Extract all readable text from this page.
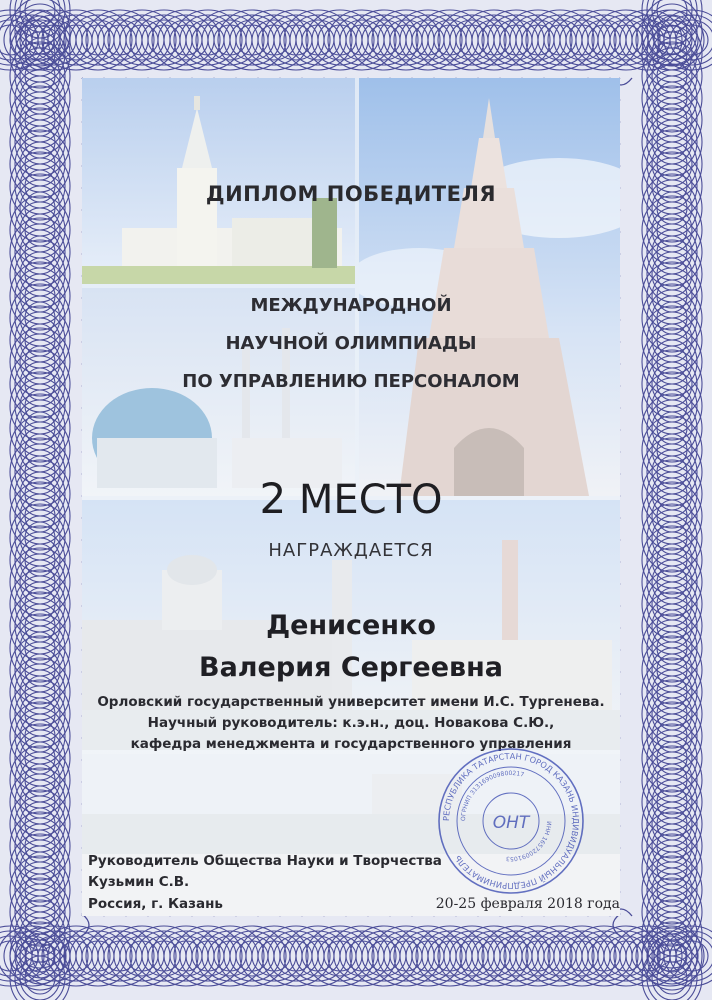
ДИПЛОМ ПОБЕДИТЕЛЯ
МЕЖДУНАРОДНОЙ
НАУЧНОЙ ОЛИМПИАДЫ
ПО УПРАВЛЕНИЮ ПЕРСОНАЛОМ
2 МЕСТО
НАГРАЖДАЕТСЯ
Денисенко
Валерия Сергеевна
Орловский государственный университет имени И.С. Тургенева.
Научный руководитель: к.э.н., доц. Новакова С.Ю.,
кафедра менеджмента и государственного управления
Руководитель Общества Науки и Творчества
Кузьмин С.В.
Россия, г. Казань	20-25 февраля 2018 года
РЕСПУБЛИКА ТАТАРСТАН ГОРОД КАЗАНЬ ИНДИВИДУАЛЬНЫЙ ПРЕДПРИНИМАТЕЛЬ
ОГРНИП 313169009800217
ИНН 165720091053
ОНТ
